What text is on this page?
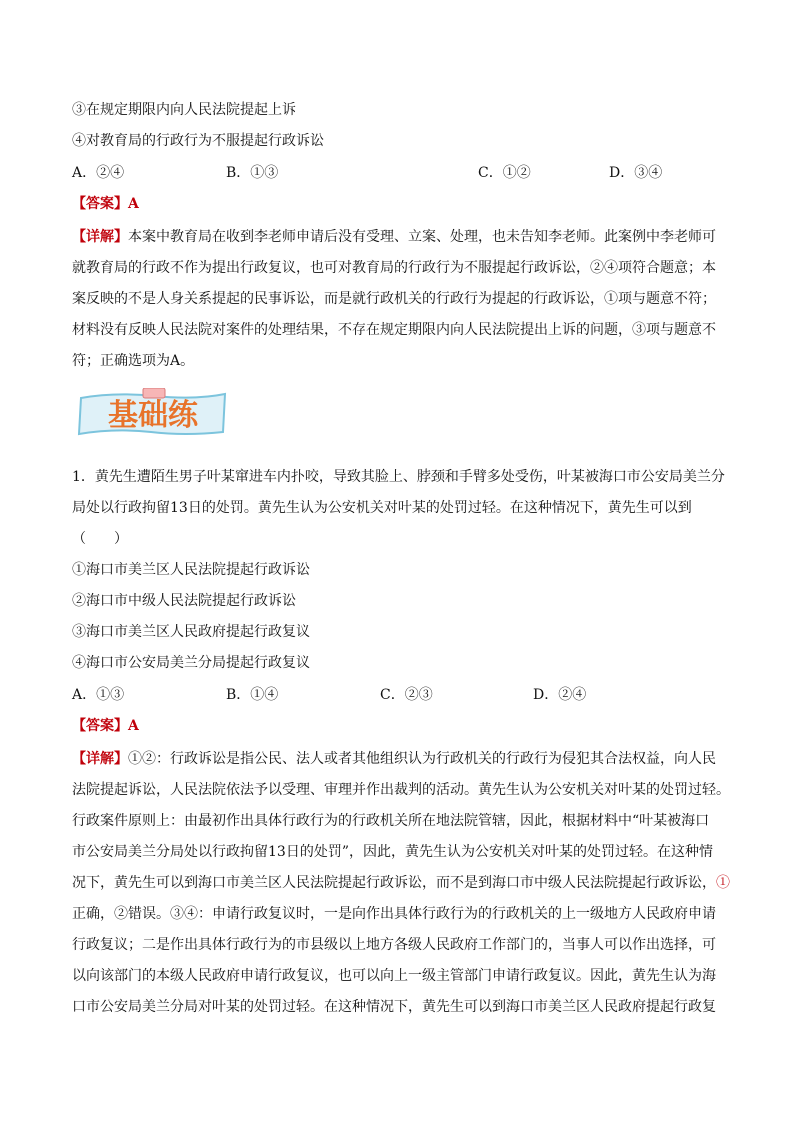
③在规定期限内向人民法院提起上诉
④对教育局的行政行为不服提起行政诉讼
A．②④	B．①③	C．①②	D．③④
【答案】A
【详解】本案中教育局在收到李老师申请后没有受理、立案、处理，也未告知李老师。此案例中李老师可
就教育局的行政不作为提出行政复议，也可对教育局的行政行为不服提起行政诉讼，②④项符合题意；本
案反映的不是人身关系提起的民事诉讼，而是就行政机关的行政行为提起的行政诉讼，①项与题意不符；
材料没有反映人民法院对案件的处理结果，不存在规定期限内向人民法院提出上诉的问题，③项与题意不
符；正确选项为A。
基础练
1．黄先生遭陌生男子叶某窜进车内扑咬，导致其脸上、脖颈和手臂多处受伤，叶某被海口市公安局美兰分
局处以行政拘留13日的处罚。黄先生认为公安机关对叶某的处罚过轻。在这种情况下，黄先生可以到
（　　）
①海口市美兰区人民法院提起行政诉讼
②海口市中级人民法院提起行政诉讼
③海口市美兰区人民政府提起行政复议
④海口市公安局美兰分局提起行政复议
A．①③	B．①④	C．②③	D．②④
【答案】A
【详解】①②：行政诉讼是指公民、法人或者其他组织认为行政机关的行政行为侵犯其合法权益，向人民
法院提起诉讼，人民法院依法予以受理、审理并作出裁判的活动。黄先生认为公安机关对叶某的处罚过轻。
行政案件原则上：由最初作出具体行政行为的行政机关所在地法院管辖，因此，根据材料中“叶某被海口
市公安局美兰分局处以行政拘留13日的处罚”，因此，黄先生认为公安机关对叶某的处罚过轻。在这种情
况下，黄先生可以到海口市美兰区人民法院提起行政诉讼，而不是到海口市中级人民法院提起行政诉讼，①
正确，②错误。③④：申请行政复议时，一是向作出具体行政行为的行政机关的上一级地方人民政府申请
行政复议；二是作出具体行政行为的市县级以上地方各级人民政府工作部门的，当事人可以作出选择，可
以向该部门的本级人民政府申请行政复议，也可以向上一级主管部门申请行政复议。因此，黄先生认为海
口市公安局美兰分局对叶某的处罚过轻。在这种情况下，黄先生可以到海口市美兰区人民政府提起行政复
